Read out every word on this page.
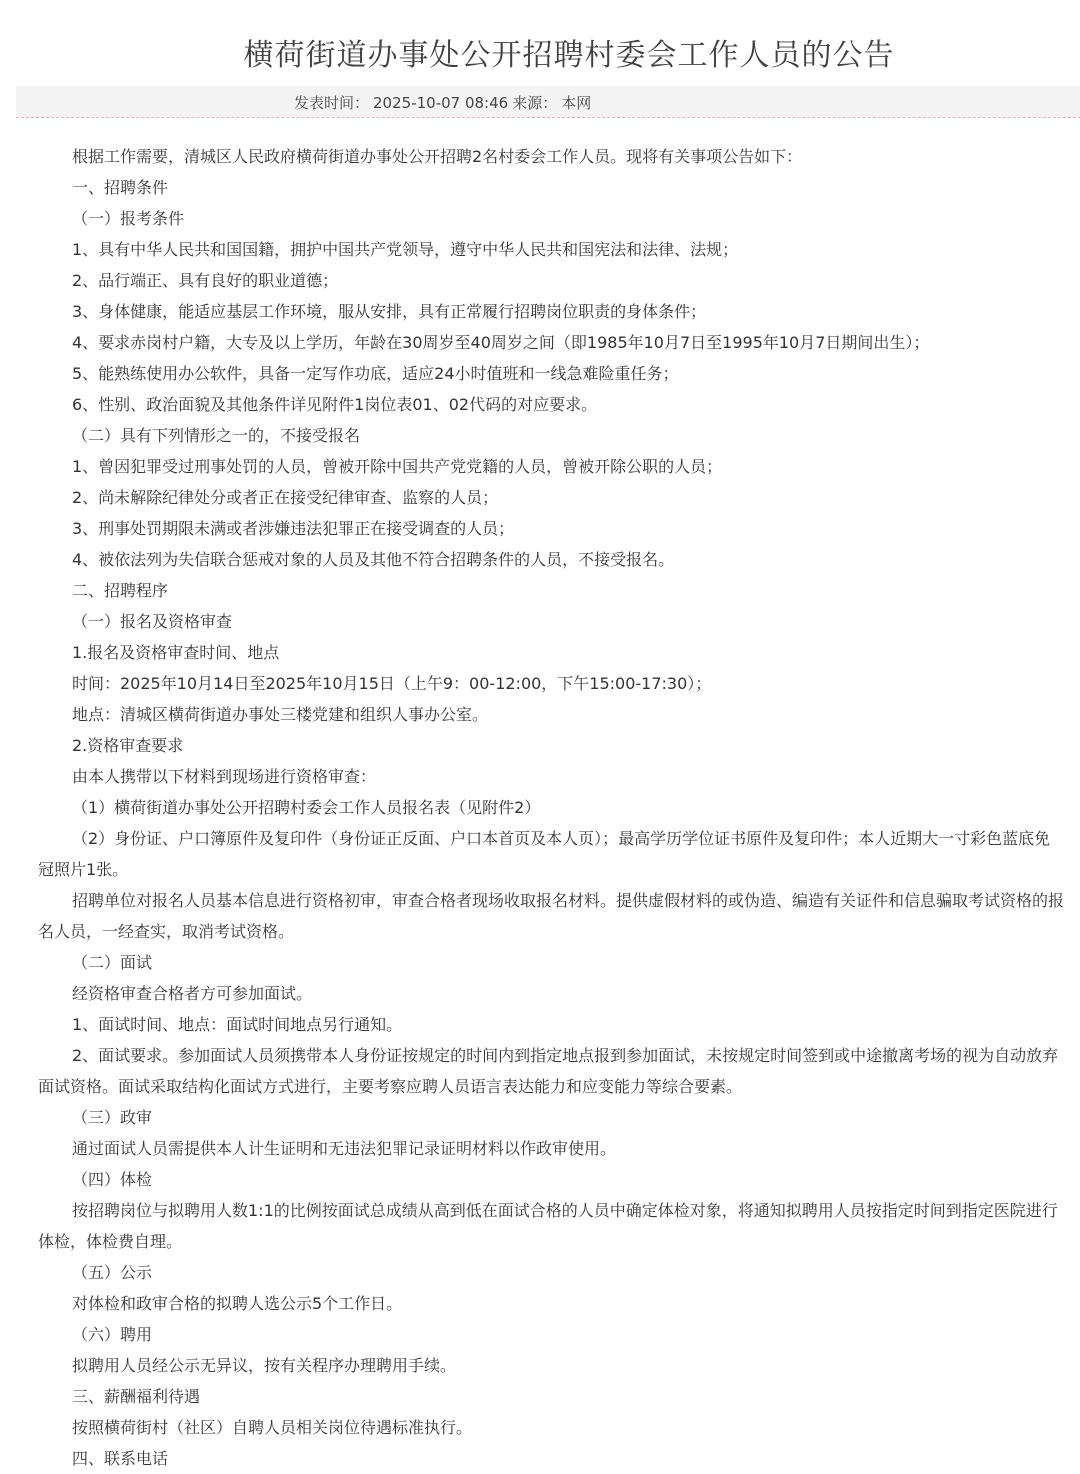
横荷街道办事处公开招聘村委会工作人员的公告
发表时间： 2025-10-07 08:46 来源： 本网
根据工作需要，清城区人民政府横荷街道办事处公开招聘2名村委会工作人员。现将有关事项公告如下：
一、招聘条件
（一）报考条件
1、具有中华人民共和国国籍，拥护中国共产党领导，遵守中华人民共和国宪法和法律、法规；
2、品行端正、具有良好的职业道德；
3、身体健康，能适应基层工作环境，服从安排，具有正常履行招聘岗位职责的身体条件；
4、要求赤岗村户籍，大专及以上学历，年龄在30周岁至40周岁之间（即1985年10月7日至1995年10月7日期间出生）；
5、能熟练使用办公软件，具备一定写作功底，适应24小时值班和一线急难险重任务；
6、性别、政治面貌及其他条件详见附件1岗位表01、02代码的对应要求。
（二）具有下列情形之一的，不接受报名
1、曾因犯罪受过刑事处罚的人员，曾被开除中国共产党党籍的人员，曾被开除公职的人员；
2、尚未解除纪律处分或者正在接受纪律审查、监察的人员；
3、刑事处罚期限未满或者涉嫌违法犯罪正在接受调查的人员；
4、被依法列为失信联合惩戒对象的人员及其他不符合招聘条件的人员，不接受报名。
二、招聘程序
（一）报名及资格审查
1.报名及资格审查时间、地点
时间：2025年10月14日至2025年10月15日（上午9：00-12:00，下午15:00-17:30）；
地点：清城区横荷街道办事处三楼党建和组织人事办公室。
2.资格审查要求
由本人携带以下材料到现场进行资格审查：
（1）横荷街道办事处公开招聘村委会工作人员报名表（见附件2）
（2）身份证、户口簿原件及复印件（身份证正反面、户口本首页及本人页）；最高学历学位证书原件及复印件；本人近期大一寸彩色蓝底免
冠照片1张。
招聘单位对报名人员基本信息进行资格初审，审查合格者现场收取报名材料。提供虚假材料的或伪造、编造有关证件和信息骗取考试资格的报
名人员，一经查实，取消考试资格。
（二）面试
经资格审查合格者方可参加面试。
1、面试时间、地点：面试时间地点另行通知。
2、面试要求。参加面试人员须携带本人身份证按规定的时间内到指定地点报到参加面试，未按规定时间签到或中途撤离考场的视为自动放弃
面试资格。面试采取结构化面试方式进行，主要考察应聘人员语言表达能力和应变能力等综合要素。
（三）政审
通过面试人员需提供本人计生证明和无违法犯罪记录证明材料以作政审使用。
（四）体检
按招聘岗位与拟聘用人数1:1的比例按面试总成绩从高到低在面试合格的人员中确定体检对象，将通知拟聘用人员按指定时间到指定医院进行
体检，体检费自理。
（五）公示
对体检和政审合格的拟聘人选公示5个工作日。
（六）聘用
拟聘用人员经公示无异议，按有关程序办理聘用手续。
三、薪酬福利待遇
按照横荷街村（社区）自聘人员相关岗位待遇标准执行。
四、联系电话
